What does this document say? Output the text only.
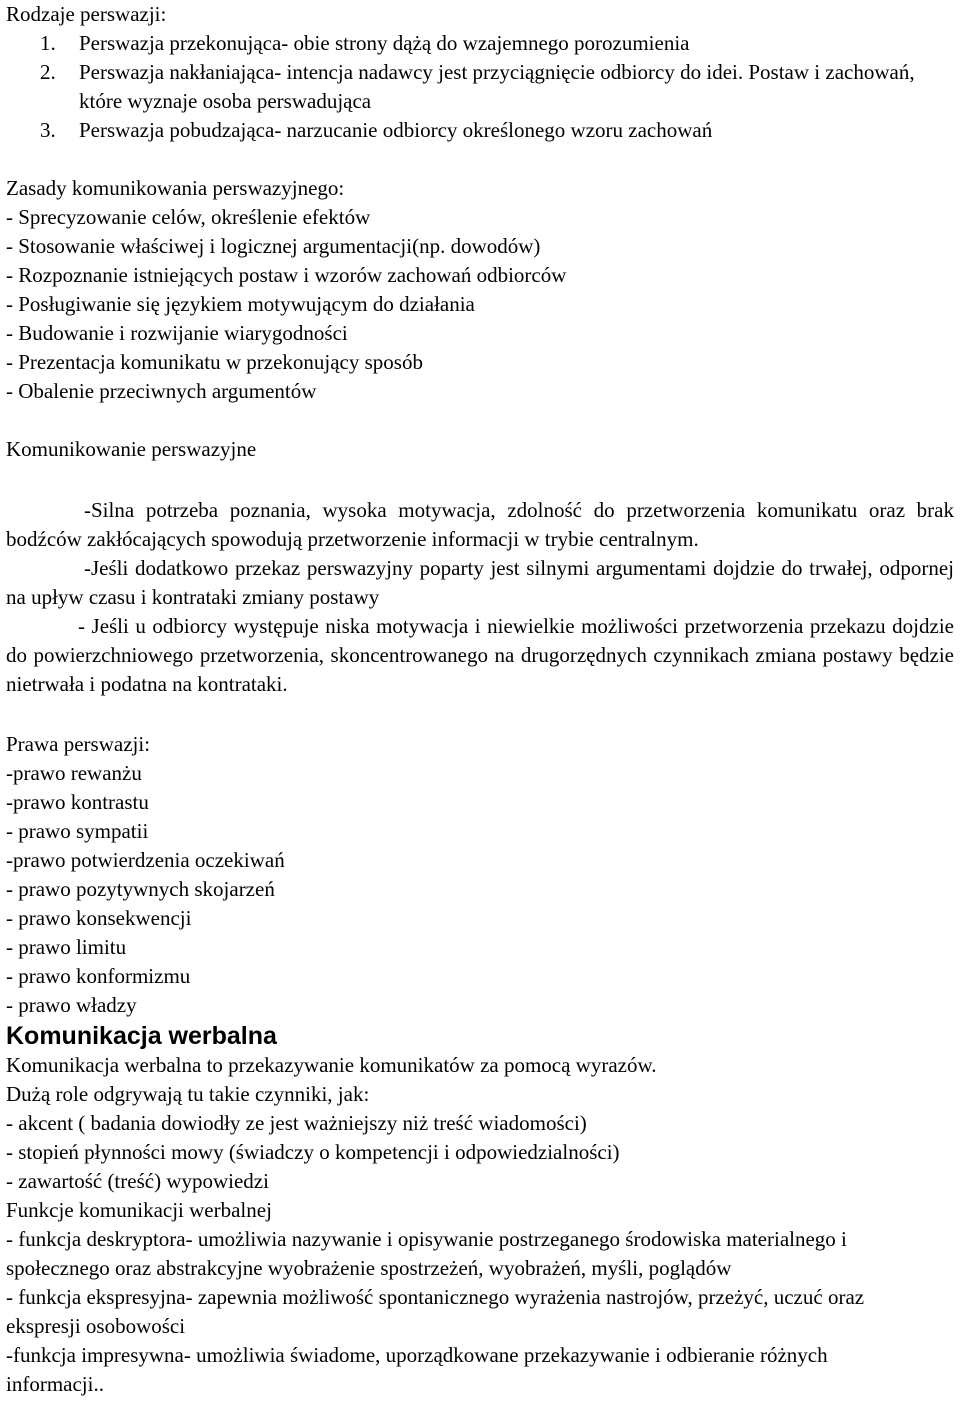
Rodzaje perswazji:
1. Perswazja przekonująca- obie strony dążą do wzajemnego porozumienia
2. Perswazja nakłaniająca- intencja nadawcy jest przyciągnięcie odbiorcy do idei. Postaw i zachowań, które wyznaje osoba perswadująca
3. Perswazja pobudzająca- narzucanie odbiorcy określonego wzoru zachowań
Zasady komunikowania perswazyjnego:
- Sprecyzowanie celów, określenie efektów
- Stosowanie właściwej i logicznej argumentacji(np. dowodów)
- Rozpoznanie istniejących postaw i wzorów zachowań odbiorców
- Posługiwanie się językiem motywującym do działania
- Budowanie i rozwijanie wiarygodności
- Prezentacja komunikatu w przekonujący sposób
- Obalenie przeciwnych argumentów
Komunikowanie perswazyjne

-Silna potrzeba poznania, wysoka motywacja, zdolność do przetworzenia komunikatu oraz brak bodźców zakłócających spowodują przetworzenie informacji w trybie centralnym.

-Jeśli dodatkowo przekaz perswazyjny poparty jest silnymi argumentami dojdzie do trwałej, odpornej na upływ czasu i kontrataki zmiany postawy

- Jeśli u odbiorcy występuje niska motywacja i niewielkie możliwości przetworzenia przekazu dojdzie do powierzchniowego przetworzenia, skoncentrowanego na drugorzędnych czynnikach zmiana postawy będzie nietrwała i podatna na kontrataki.

Prawa perswazji:
-prawo rewanżu
-prawo kontrastu
- prawo sympatii
-prawo potwierdzenia oczekiwań
- prawo pozytywnych skojarzeń
- prawo konsekwencji
- prawo limitu
- prawo konformizmu
- prawo władzy
Komunikacja werbalna
Komunikacja werbalna to przekazywanie komunikatów za pomocą wyrazów.
Dużą role odgrywają tu takie czynniki, jak:
- akcent ( badania dowiodły ze jest ważniejszy niż treść wiadomości)
- stopień płynności mowy (świadczy o kompetencji i odpowiedzialności)
- zawartość (treść) wypowiedzi
Funkcje komunikacji werbalnej
- funkcja deskryptora- umożliwia nazywanie i opisywanie postrzeganego środowiska materialnego i społecznego oraz abstrakcyjne wyobrażenie spostrzeżeń, wyobrażeń, myśli, poglądów
- funkcja ekspresyjna- zapewnia możliwość spontanicznego wyrażenia nastrojów, przeżyć, uczuć oraz ekspresji osobowości
-funkcja impresywna- umożliwia świadome, uporządkowane przekazywanie i odbieranie różnych informacji..
